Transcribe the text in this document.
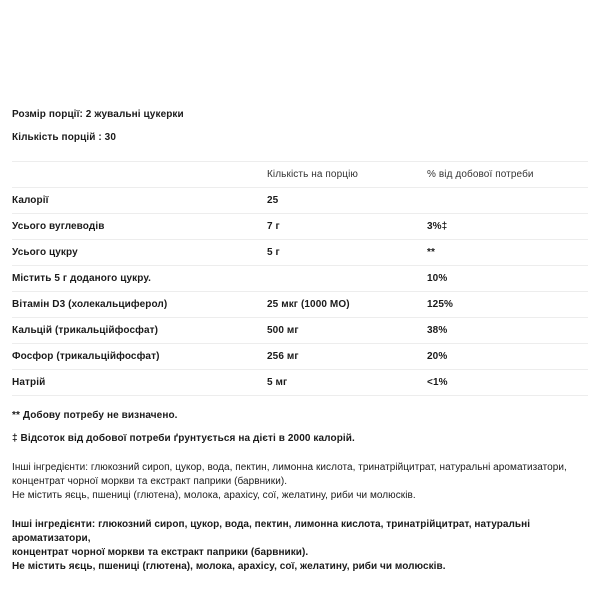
Розмір порції: 2 жувальні цукерки

Кількість порцій : 30

	Кількість на порцію	% від добової потреби
Калорії	25	
Усього вуглеводів	7 г	3%‡
Усього цукру	5 г	**
Містить 5 г доданого цукру.		10%
Вітамін D3 (холекальциферол)	25 мкг (1000 МО)	125%
Кальцій (трикальційфосфат)	500 мг	38%
Фосфор (трикальційфосфат)	256 мг	20%
Натрій	5 мг	<1%

** Добову потребу не визначено.

‡ Відсоток від добової потреби ґрунтується на дієті в 2000 калорій.

Інші інгредієнти: глюкозний сироп, цукор, вода, пектин, лимонна кислота, тринатрійцитрат, натуральні ароматизатори,

концентрат чорної моркви та екстракт паприки (барвники).

Не містить яєць, пшениці (глютена), молока, арахісу, сої, желатину, риби чи молюсків.

Інші інгредієнти: глюкозний сироп, цукор, вода, пектин, лимонна кислота, тринатрійцитрат, натуральні ароматизатори,

концентрат чорної моркви та екстракт паприки (барвники).

Не містить яєць, пшениці (глютена), молока, арахісу, сої, желатину, риби чи молюсків.
